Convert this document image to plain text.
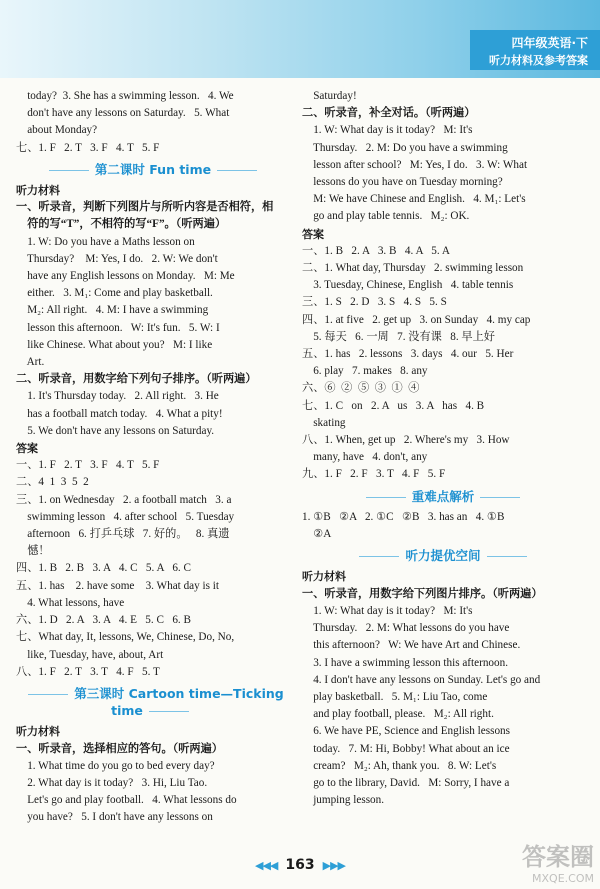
四年级英语·下
听力材料及参考答案
today?  3. She has a swimming lesson.   4. We
don't have any lessons on Saturday.   5. What
about Monday?
七、1. F   2. T   3. F   4. T   5. F
第二课时 Fun time
听力材料
一、听录音，判断下列图片与所听内容是否相符，相
符的写“T”，不相符的写“F”。（听两遍）
1. W: Do you have a Maths lesson on
Thursday?    M: Yes, I do.   2. W: We don't
have any English lessons on Monday.   M: Me
either.   3. M₁: Come and play basketball.
M₂: All right.   4. M: I have a swimming
lesson this afternoon.   W: It's fun.   5. W: I
like Chinese. What about you?   M: I like
Art.
二、听录音，用数字给下列句子排序。（听两遍）
1. It's Thursday today.   2. All right.   3. He
has a football match today.   4. What a pity!
5. We don't have any lessons on Saturday.
答案
一、1. F   2. T   3. F   4. T   5. F
二、4  1  3  5  2
三、1. on Wednesday   2. a football match   3. a
swimming lesson   4. after school   5. Tuesday
afternoon   6. 打乒乓球   7. 好的。   8. 真遗
憾！
四、1. B   2. B   3. A   4. C   5. A   6. C
五、1. has    2. have some    3. What day is it
4. What lessons, have
六、1. D   2. A   3. A   4. E   5. C   6. B
七、What day, It, lessons, We, Chinese, Do, No,
like, Tuesday, have, about, Art
八、1. F   2. T   3. T   4. F   5. T
第三课时 Cartoon time—Ticking time
听力材料
一、听录音，选择相应的答句。（听两遍）
1. What time do you go to bed every day?
2. What day is it today?   3. Hi, Liu Tao.
Let's go and play football.   4. What lessons do
you have?   5. I don't have any lessons on
Saturday!
二、听录音，补全对话。（听两遍）
1. W: What day is it today?   M: It's
Thursday.   2. M: Do you have a swimming
lesson after school?   M: Yes, I do.   3. W: What
lessons do you have on Tuesday morning?
M: We have Chinese and English.   4. M₁: Let's
go and play table tennis.   M₂: OK.
答案
一、1. B   2. A   3. B   4. A   5. A
二、1. What day, Thursday   2. swimming lesson
3. Tuesday, Chinese, English   4. table tennis
三、1. S   2. D   3. S   4. S   5. S
四、1. at five   2. get up   3. on Sunday   4. my cap
5. 每天   6. 一周   7. 没有课   8. 早上好
五、1. has   2. lessons   3. days   4. our   5. Her
6. play   7. makes   8. any
六、⑥  ②  ⑤  ③  ①  ④
七、1. C   on   2. A   us   3. A   has   4. B
skating
八、1. When, get up   2. Where's my   3. How
many, have   4. don't, any
九、1. F   2. F   3. T   4. F   5. F
重难点解析
1. ①B   ②A   2. ①C   ②B   3. has an   4. ①B
②A
听力提优空间
听力材料
一、听录音，用数字给下列图片排序。（听两遍）
1. W: What day is it today?   M: It's
Thursday.   2. M: What lessons do you have
this afternoon?   W: We have Art and Chinese.
3. I have a swimming lesson this afternoon.
4. I don't have any lessons on Sunday. Let's go and
play basketball.   5. M₁: Liu Tao, come
and play football, please.   M₂: All right.
6. We have PE, Science and English lessons
today.   7. M: Hi, Bobby! What about an ice
cream?   M₂: Ah, thank you.   8. W: Let's
go to the library, David.   M: Sorry, I have a
jumping lesson.
◀◀◀ 163 ▶▶▶	答案圈
MXQE.COM
